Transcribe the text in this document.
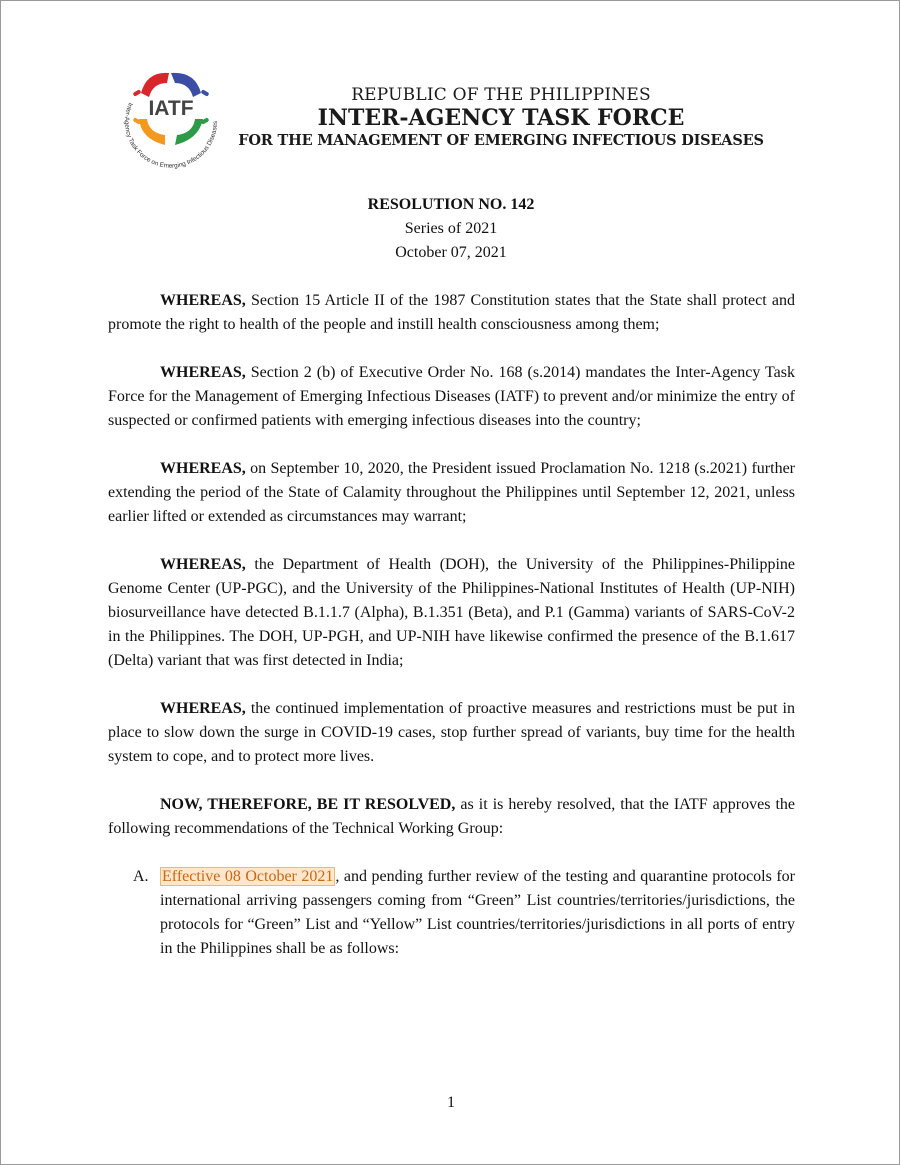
IATF
Inter-Agency Task Force on Emerging Infectious Diseases
REPUBLIC OF THE PHILIPPINES
INTER-AGENCY TASK FORCE
FOR THE MANAGEMENT OF EMERGING INFECTIOUS DISEASES
RESOLUTION NO. 142
Series of 2021
October 07, 2021

WHEREAS, Section 15 Article II of the 1987 Constitution states that the State shall protect and promote the right to health of the people and instill health consciousness among them;

WHEREAS, Section 2 (b) of Executive Order No. 168 (s.2014) mandates the Inter-Agency Task Force for the Management of Emerging Infectious Diseases (IATF) to prevent and/or minimize the entry of suspected or confirmed patients with emerging infectious diseases into the country;

WHEREAS, on September 10, 2020, the President issued Proclamation No. 1218 (s.2021) further extending the period of the State of Calamity throughout the Philippines until September 12, 2021, unless earlier lifted or extended as circumstances may warrant;

WHEREAS, the Department of Health (DOH), the University of the Philippines-Philippine Genome Center (UP-PGC), and the University of the Philippines-National Institutes of Health (UP-NIH) biosurveillance have detected B.1.1.7 (Alpha), B.1.351 (Beta), and P.1 (Gamma) variants of SARS-CoV-2 in the Philippines. The DOH, UP-PGH, and UP-NIH have likewise confirmed the presence of the B.1.617 (Delta) variant that was first detected in India;

WHEREAS, the continued implementation of proactive measures and restrictions must be put in place to slow down the surge in COVID-19 cases, stop further spread of variants, buy time for the health system to cope, and to protect more lives.

NOW, THEREFORE, BE IT RESOLVED, as it is hereby resolved, that the IATF approves the following recommendations of the Technical Working Group:

A. Effective 08 October 2021 , and pending further review of the testing and quarantine protocols for international arriving passengers coming from “Green” List countries/territories/jurisdictions, the protocols for “Green” List and “Yellow” List countries/territories/jurisdictions in all ports of entry in the Philippines shall be as follows:

1
